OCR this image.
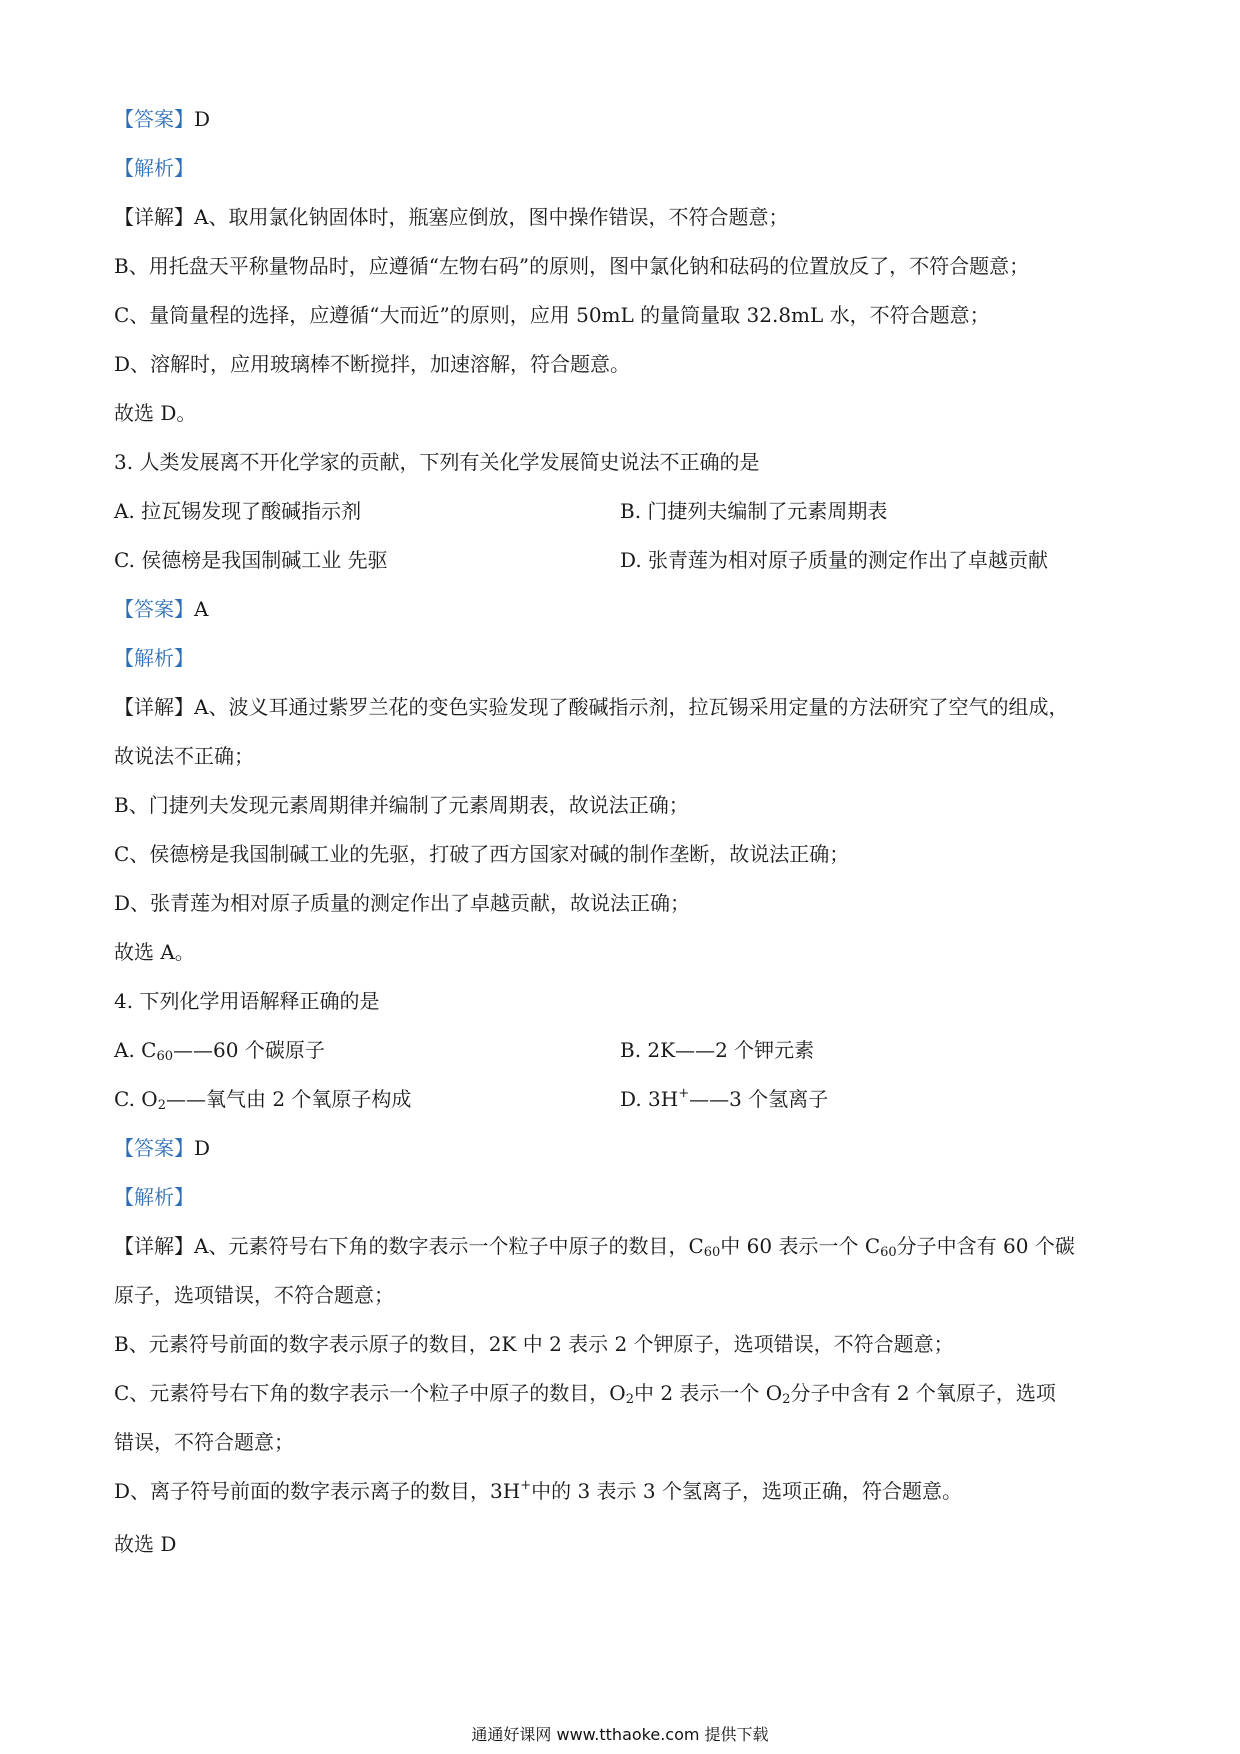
【答案】D
【解析】
【详解】A、取用氯化钠固体时，瓶塞应倒放，图中操作错误，不符合题意；
B、用托盘天平称量物品时，应遵循“左物右码”的原则，图中氯化钠和砝码的位置放反了，不符合题意；
C、量筒量程的选择，应遵循“大而近”的原则，应用 50mL 的量筒量取 32.8mL 水，不符合题意；
D、溶解时，应用玻璃棒不断搅拌，加速溶解，符合题意。
故选 D。
3. 人类发展离不开化学家的贡献，下列有关化学发展简史说法不正确的是
A. 拉瓦锡发现了酸碱指示剂	B. 门捷列夫编制了元素周期表
C. 侯德榜是我国制碱工业 先驱	D. 张青莲为相对原子质量的测定作出了卓越贡献
【答案】A
【解析】
【详解】A、波义耳通过紫罗兰花的变色实验发现了酸碱指示剂，拉瓦锡采用定量的方法研究了空气的组成，
故说法不正确；
B、门捷列夫发现元素周期律并编制了元素周期表，故说法正确；
C、侯德榜是我国制碱工业的先驱，打破了西方国家对碱的制作垄断，故说法正确；
D、张青莲为相对原子质量的测定作出了卓越贡献，故说法正确；
故选 A。
4. 下列化学用语解释正确的是
A. $C_{60}——60$ 个碳原子	B. 2K——2 个钾元素
C. $O_2——$氧气由 2 个氧原子构成	D. 3H+——3 个氢离子
【答案】D
【解析】
【详解】A、元素符号右下角的数字表示一个粒子中原子的数目，$C_{60}$中 60 表示一个 $C_{60}$分子中含有 60 个碳
原子，选项错误，不符合题意；
B、元素符号前面的数字表示原子的数目，2K 中 2 表示 2 个钾原子，选项错误，不符合题意；
C、元素符号右下角的数字表示一个粒子中原子的数目，$O_2$中 2 表示一个 $O_2$分子中含有 2 个氧原子，选项
错误，不符合题意；
D、离子符号前面的数字表示离子的数目，3H+中的 3 表示 3 个氢离子，选项正确，符合题意。
故选 D
通通好课网 www.tthaoke.com 提供下载
